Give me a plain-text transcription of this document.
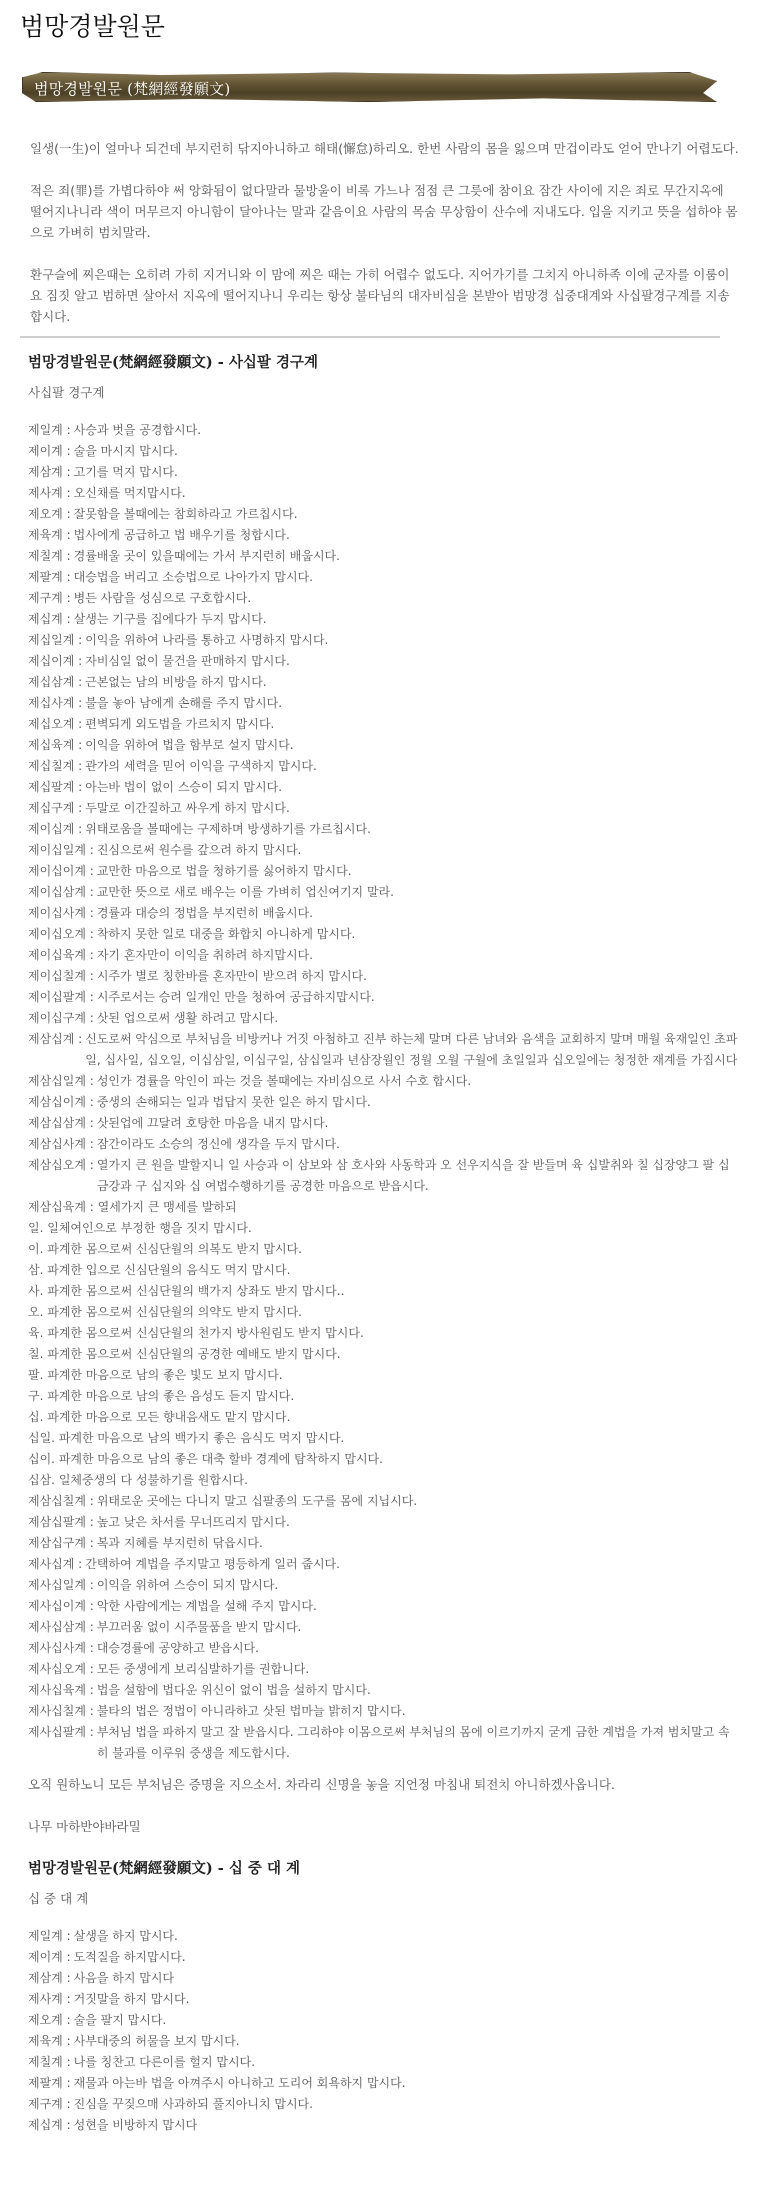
범망경발원문
범망경발원문 (梵網經發願文)

일생(一生)이 얼마나 되건데 부지런히 닦지아니하고 해태(懈怠)하리오. 한번 사람의 몸을 잃으며 만겁이라도 얻어 만나기 어렵도다.

적은 죄(罪)를 가볍다하야 써 앙화됨이 없다말라 물방울이 비록 가느나 점점 큰 그릇에 참이요 잠간 사이에 지은 죄로 무간지옥에 떨어지나니라 색이 머무르지 아니함이 달아나는 말과 같음이요 사람의 목숨 무상함이 산수에 지내도다. 입을 지키고 뜻을 섭하야 몸으로 가벼히 범치말라.

환구슬에 찌은때는 오히려 가히 지거니와 이 맘에 찌은 때는 가히 어렵수 없도다. 지어가기를 그치지 아니하족 이에 군자를 이룸이요 짐짓 알고 범하면 살아서 지옥에 떨어지나니 우리는 항상 불타님의 대자비심을 본받아 범망경 십중대계와 사십팔경구계를 지송합시다.

범망경발원문(梵網經發願文) - 사십팔 경구계
사십팔 경구계
제일계 : 사승과 벗을 공경합시다.
제이계 : 술을 마시지 맙시다.
제삼계 : 고기를 먹지 맙시다.
제사계 : 오신채를 먹지맙시다.
제오계 : 잘못함을 볼때에는 참회하라고 가르칩시다.
제육계 : 법사에게 공급하고 법 배우기를 청합시다.
제칠계 : 경률배울 곳이 있을때에는 가서 부지런히 배웁시다.
제팔계 : 대승법을 버리고 소승법으로 나아가지 맙시다.
제구계 : 병든 사람을 성심으로 구호합시다.
제십계 : 살생는 기구를 집에다가 두지 맙시다.
제십일계 : 이익을 위하여 나라를 통하고 사명하지 맙시다.
제십이계 : 자비심일 없이 물건을 판매하지 맙시다.
제십삼계 : 근본없는 남의 비방을 하지 맙시다.
제십사계 : 불을 놓아 남에게 손해를 주지 맙시다.
제십오계 : 편벽되게 외도법을 가르치지 맙시다.
제십육계 : 이익을 위하여 법을 함부로 설지 맙시다.
제십칠계 : 관가의 세력을 믿어 이익을 구색하지 맙시다.
제십팔계 : 아는바 법이 없이 스승이 되지 맙시다.
제십구계 : 두말로 이간질하고 싸우게 하지 맙시다.
제이십계 : 위태로움을 볼때에는 구제하며 방생하기를 가르칩시다.
제이십일계 : 진심으로써 원수를 갚으려 하지 맙시다.
제이십이계 : 교만한 마음으로 법을 청하기를 싫어하지 맙시다.
제이십삼계 : 교만한 뜻으로 새로 배우는 이를 가벼히 업신여기지 말라.
제이십사계 : 경률과 대승의 정법을 부지런히 배웁시다.
제이십오계 : 착하지 못한 일로 대중을 화합치 아니하게 맙시다.
제이십육계 : 자기 혼자만이 이익을 취하려 하지맙시다.
제이십칠계 : 시주가 별로 칭한바를 혼자만이 받으려 하지 맙시다.
제이십팔계 : 시주로서는 승려 일개인 만을 청하여 공급하지맙시다.
제이십구계 : 삿된 업으로써 생활 하려고 맙시다.
제삼십계 : 신도로써 악심으로 부처님을 비방커나 거짓 아첨하고 진부 하는체 말며 다른 남녀와 음색을 교회하지 말며 매월 육재일인 초파일, 십사일, 십오일, 이십삼일, 이십구일, 삼십일과 년삼장월인 정월 오월 구월에 초일일과 십오일에는 청정한 재계를 가집시다
제삼십일계 : 성인가 경률을 악인이 파는 것을 볼때에는 자비심으로 사서 수호 합시다.
제삼십이계 : 중생의 손해되는 일과 법답지 못한 일은 하지 맙시다.
제삼십삼계 : 삿된업에 끄달려 호탕한 마음을 내지 맙시다.
제삼십사계 : 잠간이라도 소승의 정신에 생각을 두지 맙시다.
제삼십오계 : 열가지 큰 원을 발할지니 일 사승과 이 삼보와 삼 호사와 사동학과 오 선우지식을 잘 받들며 육 십발취와 칠 십장양그 팔 십금강과 구 십지와 십 여법수행하기를 공경한 마음으로 받읍시다.
제삼십육계 : 열세가지 큰 맹세를 발하되
일. 일체여인으로 부정한 행을 짓지 맙시다.
이. 파계한 몸으로써 신심단월의 의복도 받지 맙시다.
삼. 파계한 입으로 신심단월의 음식도 먹지 맙시다.
사. 파계한 몸으로써 신심단월의 백가지 상좌도 받지 맙시다..
오. 파계한 몸으로써 신심단월의 의약도 받지 맙시다.
육. 파계한 몸으로써 신심단월의 천가지 방사원림도 받지 맙시다.
칠. 파계한 몸으로써 신심단월의 공경한 예배도 받지 맙시다.
팔. 파계한 마음으로 남의 좋은 빛도 보지 맙시다.
구. 파계한 마음으로 남의 좋은 음성도 듣지 맙시다.
십. 파계한 마음으로 모든 향내음새도 맡지 맙시다.
십일. 파계한 마음으로 남의 백가지 좋은 음식도 먹지 맙시다.
십이. 파계한 마음으로 남의 좋은 대축 할바 경계에 탐착하지 맙시다.
십삼. 일체중생의 다 성불하기를 원합시다.
제삼십칠계 : 위태로운 곳에는 다니지 말고 십팔종의 도구를 몸에 지닙시다.
제삼십팔계 : 높고 낮은 차서를 무너뜨리지 맙시다.
제삼십구계 : 복과 지혜를 부지런히 닦읍시다.
제사십계 : 간택하여 계법을 주지말고 평등하게 일러 줍시다.
제사십일계 : 이익을 위하여 스승이 되지 맙시다.
제사십이계 : 악한 사람에게는 계법을 설해 주지 맙시다.
제사십삼계 : 부끄러움 없이 시주물품을 받지 맙시다.
제사십사계 : 대승경률에 공양하고 받읍시다.
제사십오계 : 모든 중생에게 보리심발하기를 권합니다.
제사십육계 : 법을 설함에 법다운 위신이 없이 법을 설하지 맙시다.
제사십칠계 : 불타의 법은 정법이 아니라하고 삿된 법마늘 밝히지 맙시다.
제사십팔계 : 부처님 법을 파하지 말고 잘 받읍시다. 그리하야 이몸으로써 부처님의 몸에 이르기까지 굳게 금한 계법을 가져 범치말고 속히 불과를 이루워 중생을 제도합시다.
오직 원하노니 모든 부처님은 증명을 지으소서. 차라리 신명을 놓을 지언정 마침내 퇴전치 아니하겠사옵니다.
나무 마하반야바라밀
범망경발원문(梵網經發願文) - 십 중 대 계
십 중 대 계
제일계 : 살생을 하지 맙시다.
제이계 : 도적질을 하지맙시다.
제삼계 : 사음을 하지 맙시다
제사계 : 거짓말을 하지 맙시다.
제오계 : 술을 팔지 맙시다.
제육계 : 사부대중의 허물을 보지 맙시다.
제칠계 : 나를 칭찬고 다른이를 헐지 맙시다.
제팔계 : 재물과 아는바 법을 아껴주시 아니하고 도리어 회욕하지 맙시다.
제구계 : 진심을 꾸짖으매 사과하되 풀지아니치 맙시다.
제십계 : 성현을 비방하지 맙시다
